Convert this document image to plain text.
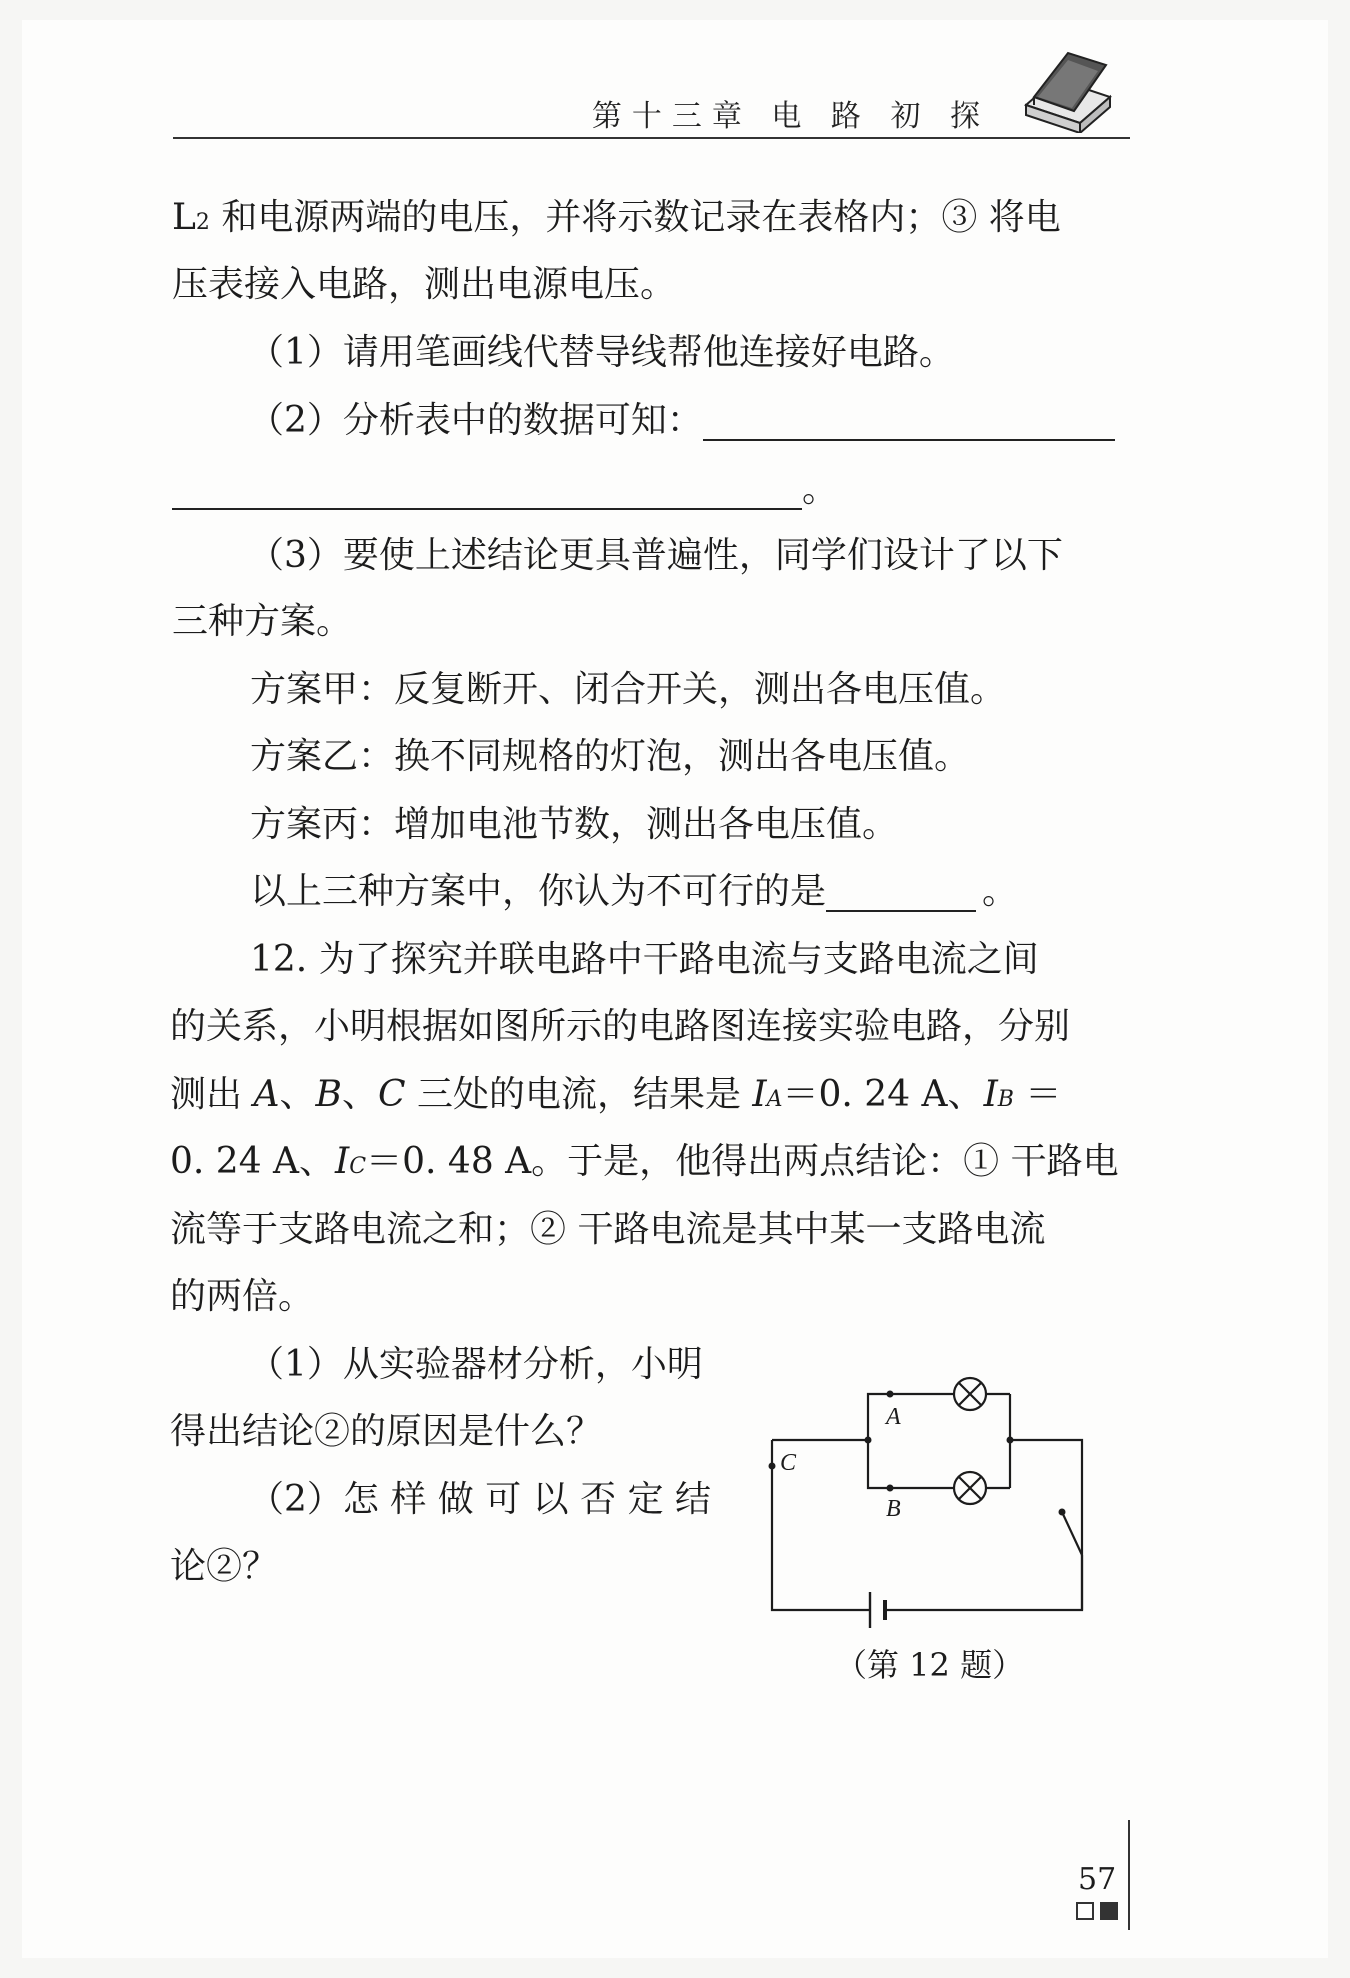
第十三章 电 路 初 探
L2 和电源两端的电压，并将示数记录在表格内；③ 将电
压表接入电路，测出电源电压。
（1）请用笔画线代替导线帮他连接好电路。
（2）分析表中的数据可知：
。
（3）要使上述结论更具普遍性，同学们设计了以下
三种方案。
方案甲：反复断开、闭合开关，测出各电压值。
方案乙：换不同规格的灯泡，测出各电压值。
方案丙：增加电池节数，测出各电压值。
以上三种方案中，你认为不可行的是	。
12. 为了探究并联电路中干路电流与支路电流之间
的关系，小明根据如图所示的电路图连接实验电路，分别
测出 A、B、C 三处的电流，结果是 IA＝0. 24 A、IB ＝
0. 24 A、IC＝0. 48 A。于是，他得出两点结论：① 干路电
流等于支路电流之和；② 干路电流是其中某一支路电流
的两倍。
（1）从实验器材分析，小明
得出结论②的原因是什么？
（2）怎 样 做 可 以 否 定 结
论②？
A
B
C
（第 12 题）
57
